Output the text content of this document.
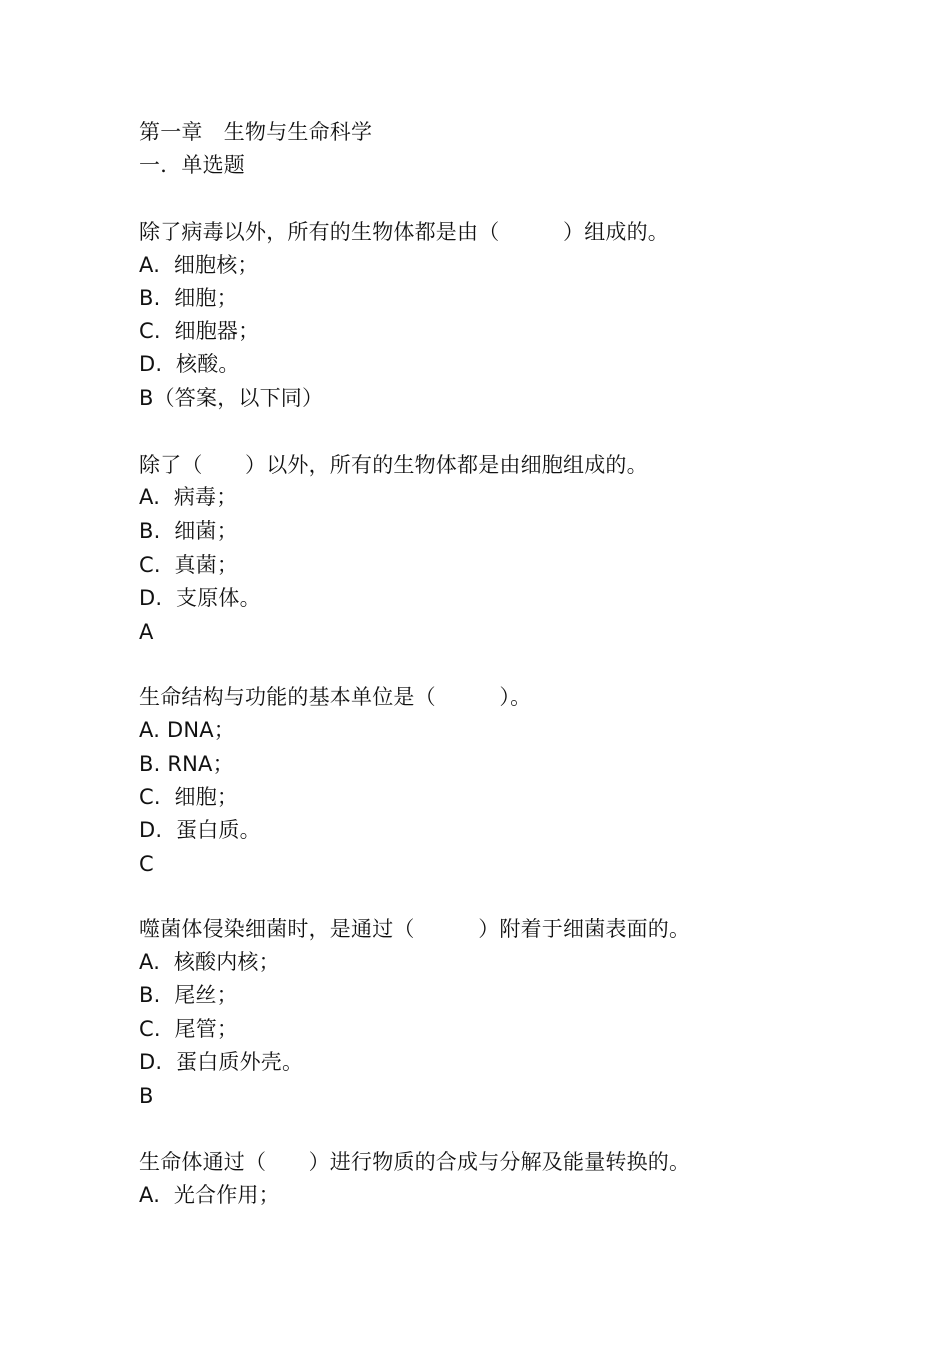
第一章　生物与生命科学
一．单选题
除了病毒以外，所有的生物体都是由（　　　）组成的。
A.  细胞核；
B.  细胞；
C.  细胞器；
D.  核酸。
B（答案，以下同）
除了（　　）以外，所有的生物体都是由细胞组成的。
A.  病毒；
B.  细菌；
C.  真菌；
D.  支原体。
A
生命结构与功能的基本单位是（　　　）。
A. DNA；
B. RNA；
C.  细胞；
D.  蛋白质。
C
噬菌体侵染细菌时，是通过（　　　）附着于细菌表面的。
A.  核酸内核；
B.  尾丝；
C.  尾管；
D.  蛋白质外壳。
B
生命体通过（　　）进行物质的合成与分解及能量转换的。
A.  光合作用；
